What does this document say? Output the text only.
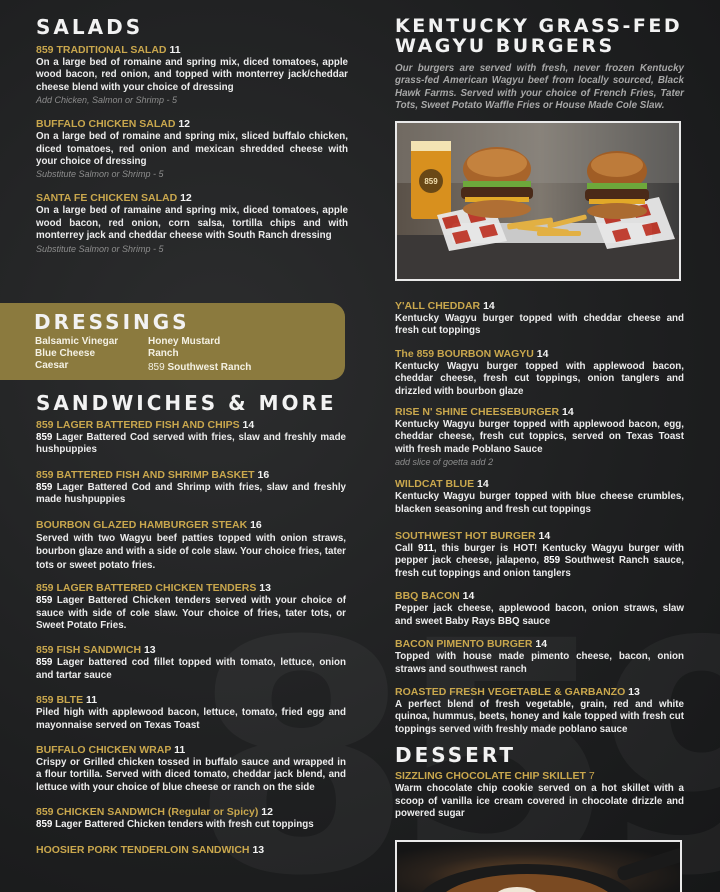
SALADS
859 TRADITIONAL SALAD 11
On a large bed of romaine and spring mix, diced tomatoes, apple wood bacon, red onion, and topped with monterrey jack/cheddar cheese blend with your choice of dressing
Add Chicken, Salmon or Shrimp - 5
BUFFALO CHICKEN SALAD 12
On a large bed of romaine and spring mix, sliced buffalo chicken, diced tomatoes, red onion and mexican shredded cheese with your choice of dressing
Substitute Salmon or Shrimp - 5
SANTA FE CHICKEN SALAD 12
On a large bed of ramaine and spring mix, diced tomatoes, apple wood bacon, red onion, corn salsa, tortilla chips and with monterrey jack and cheddar cheese with South Ranch dressing
Substitute Salmon or Shrimp - 5
DRESSINGS
Balsamic Vinegar
Blue Cheese
Caesar
Honey Mustard
Ranch
859 Southwest Ranch
SANDWICHES & MORE
859 LAGER BATTERED FISH AND CHIPS 14
859 Lager Battered Cod served with fries, slaw and freshly made hushpuppies
859 BATTERED FISH AND SHRIMP BASKET 16
859 Lager Battered Cod and Shrimp with fries, slaw and freshly made hushpuppies
BOURBON GLAZED HAMBURGER STEAK 16
Served with two Wagyu beef patties topped with onion straws, bourbon glaze and with a side of cole slaw. Your choice fries, tater tots or sweet potato fries.
859 LAGER BATTERED CHICKEN TENDERS 13
859 Lager Battered Chicken tenders served with your choice of sauce with side of cole slaw. Your choice of fries, tater tots, or Sweet Potato Fries.
859 FISH SANDWICH 13
859 Lager battered cod fillet topped with tomato, lettuce, onion and tartar sauce
859 BLTE 11
Piled high with applewood bacon, lettuce, tomato, fried egg and mayonnaise served on Texas Toast
BUFFALO CHICKEN WRAP 11
Crispy or Grilled chicken tossed in buffalo sauce and wrapped in a flour tortilla. Served with diced tomato, cheddar jack blend, and lettuce with your choice of blue cheese or ranch on the side
859 CHICKEN SANDWICH (Regular or Spicy) 12
859 Lager Battered Chicken tenders with fresh cut toppings
HOOSIER PORK TENDERLOIN SANDWICH 13
KENTUCKY GRASS-FED
WAGYU BURGERS
Our burgers are served with fresh, never frozen Kentucky grass-fed American Wagyu beef from locally sourced, Black Hawk Farms. Served with your choice of French Fries, Tater Tots, Sweet Potato Waffle Fries or House Made Cole Slaw.
859
Y'ALL CHEDDAR 14
Kentucky Wagyu burger topped with cheddar cheese and fresh cut toppings
The 859 BOURBON WAGYU 14
Kentucky Wagyu burger topped with applewood bacon, cheddar cheese, fresh cut toppings, onion tanglers and drizzled with bourbon glaze
RISE N' SHINE CHEESEBURGER 14
Kentucky Wagyu burger topped with applewood bacon, egg, cheddar cheese, fresh cut toppics, served on Texas Toast with fresh made Poblano Sauce
add slice of goetta add 2
WILDCAT BLUE 14
Kentucky Wagyu burger topped with blue cheese crumbles, blacken seasoning and fresh cut toppings
SOUTHWEST HOT BURGER 14
Call 911, this burger is HOT! Kentucky Wagyu burger with pepper jack cheese, jalapeno, 859 Southwest Ranch sauce, fresh cut toppings and onion tanglers
BBQ BACON 14
Pepper jack cheese, applewood bacon, onion straws, slaw and sweet Baby Rays BBQ sauce
BACON PIMENTO BURGER 14
Topped with house made pimento cheese, bacon, onion straws and southwest ranch
ROASTED FRESH VEGETABLE & GARBANZO 13
A perfect blend of fresh vegetable, grain, red and white quinoa, hummus, beets, honey and kale topped with fresh cut toppings served with freshly made poblano sauce
DESSERT
SIZZLING CHOCOLATE CHIP SKILLET 7
Warm chocolate chip cookie served on a hot skillet with a scoop of vanilla ice cream covered in chocolate drizzle and powered sugar
